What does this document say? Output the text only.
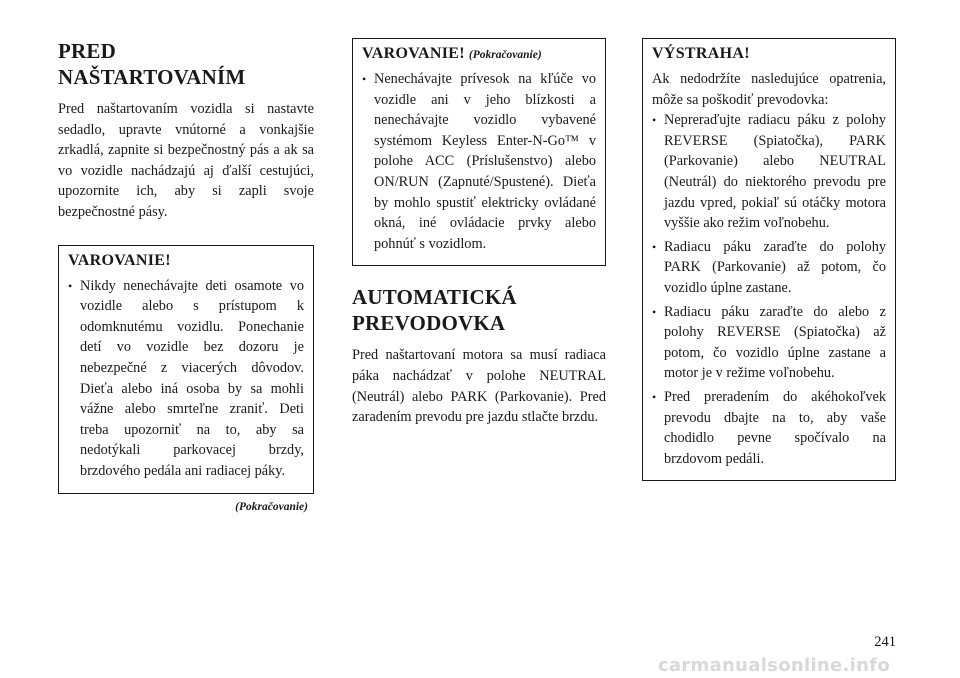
PRED
NAŠTARTOVANÍM

Pred naštartovaním vozidla si nastavte sedadlo, upravte vnútorné a vonkajšie zrkadlá, zapnite si bezpečnostný pás a ak sa vo vozidle nachádzajú aj ďalší cestujúci, upozornite ich, aby si zapli svoje bezpečnostné pásy.

VAROVANIE!
• Nikdy nenechávajte deti osamote vo vozidle alebo s prístupom k odomknutému vozidlu. Ponechanie detí vo vozidle bez dozoru je nebezpečné z viacerých dôvodov. Dieťa alebo iná osoba by sa mohli vážne alebo smrteľne zraniť. Deti treba upozorniť na to, aby sa nedotýkali parkovacej brzdy, brzdového pedála ani radiacej páky.
(Pokračovanie)
VAROVANIE! (Pokračovanie)
• Nenechávajte prívesok na kľúče vo vozidle ani v jeho blízkosti a nenechávajte vozidlo vybavené systémom Keyless Enter-N-Go™ v polohe ACC (Príslušenstvo) alebo ON/RUN (Zapnuté/Spustené). Dieťa by mohlo spustiť elektricky ovládané okná, iné ovládacie prvky alebo pohnúť s vozidlom.
AUTOMATICKÁ
PREVODOVKA

Pred naštartovaní motora sa musí radiaca páka nachádzať v polohe NEUTRAL (Neutrál) alebo PARK (Parkovanie). Pred zaradením prevodu pre jazdu stlačte brzdu.

VÝSTRAHA!

Ak nedodržíte nasledujúce opatrenia, môže sa poškodiť prevodovka:

• Nepreraďujte radiacu páku z polohy REVERSE (Spiatočka), PARK (Parkovanie) alebo NEUTRAL (Neutrál) do niektorého prevodu pre jazdu vpred, pokiaľ sú otáčky motora vyššie ako režim voľnobehu.
• Radiacu páku zaraďte do polohy PARK (Parkovanie) až potom, čo vozidlo úplne zastane.
• Radiacu páku zaraďte do alebo z polohy REVERSE (Spiatočka) až potom, čo vozidlo úplne zastane a motor je v režime voľnobehu.
• Pred preradením do akéhokoľvek prevodu dbajte na to, aby vaše chodidlo pevne spočívalo na brzdovom pedáli.
241
carmanualsonline.info
